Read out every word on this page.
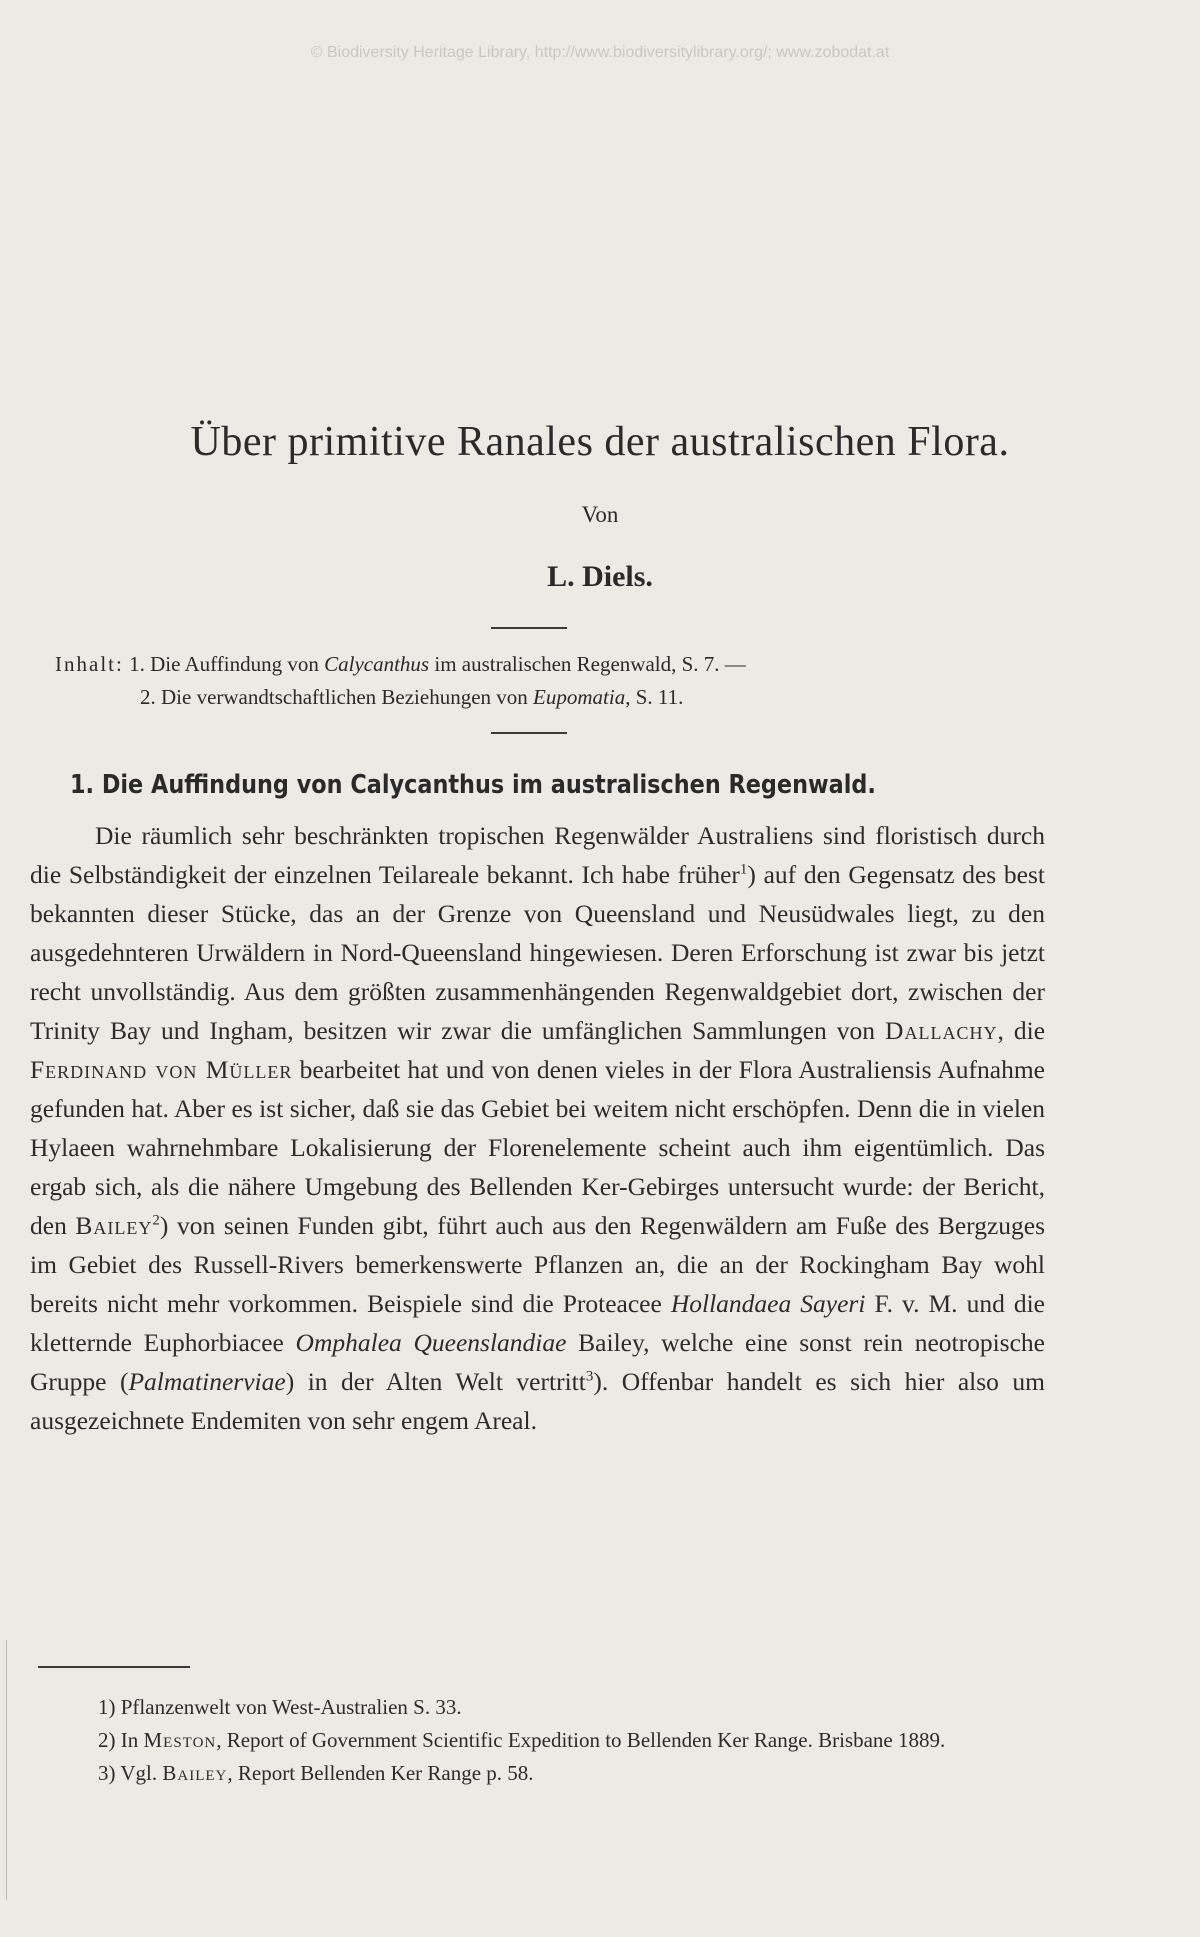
© Biodiversity Heritage Library, http://www.biodiversitylibrary.org/; www.zobodat.at
Über primitive Ranales der australischen Flora.
Von
L. Diels.
Inhalt: 1. Die Auffindung von Calycanthus im australischen Regenwald, S. 7. —
2. Die verwandtschaftlichen Beziehungen von Eupomatia, S. 11.
1. Die Auffindung von Calycanthus im australischen Regenwald.

Die räumlich sehr beschränkten tropischen Regenwälder Australiens sind floristisch durch die Selbständigkeit der einzelnen Teilareale bekannt. Ich habe früher$^1$) auf den Gegensatz des best bekannten dieser Stücke, das an der Grenze von Queensland und Neusüdwales liegt, zu den ausgedehnteren Urwäldern in Nord-Queensland hingewiesen. Deren Erforschung ist zwar bis jetzt recht unvollständig. Aus dem größten zusammenhängenden Regenwaldgebiet dort, zwischen der Trinity Bay und Ingham, besitzen wir zwar die umfänglichen Sammlungen von Dallachy, die Ferdinand von Müller bearbeitet hat und von denen vieles in der Flora Australiensis Aufnahme gefunden hat. Aber es ist sicher, daß sie das Gebiet bei weitem nicht erschöpfen. Denn die in vielen Hylaeen wahrnehmbare Lokalisierung der Florenelemente scheint auch ihm eigentümlich. Das ergab sich, als die nähere Umgebung des Bellenden Ker-Gebirges untersucht wurde: der Bericht, den Bailey$^2$) von seinen Funden gibt, führt auch aus den Regenwäldern am Fuße des Bergzuges im Gebiet des Russell-Rivers bemerkenswerte Pflanzen an, die an der Rockingham Bay wohl bereits nicht mehr vorkommen. Beispiele sind die Proteacee Hollandaea Sayeri F. v. M. und die kletternde Euphorbiacee Omphalea Queenslandiae Bailey, welche eine sonst rein neotropische Gruppe (Palmatinerviae) in der Alten Welt vertritt$^3$). Offenbar handelt es sich hier also um ausgezeichnete Endemiten von sehr engem Areal.

1) Pflanzenwelt von West-Australien S. 33.

2) In Meston, Report of Government Scientific Expedition to Bellenden Ker Range. Brisbane 1889.

3) Vgl. Bailey, Report Bellenden Ker Range p. 58.
